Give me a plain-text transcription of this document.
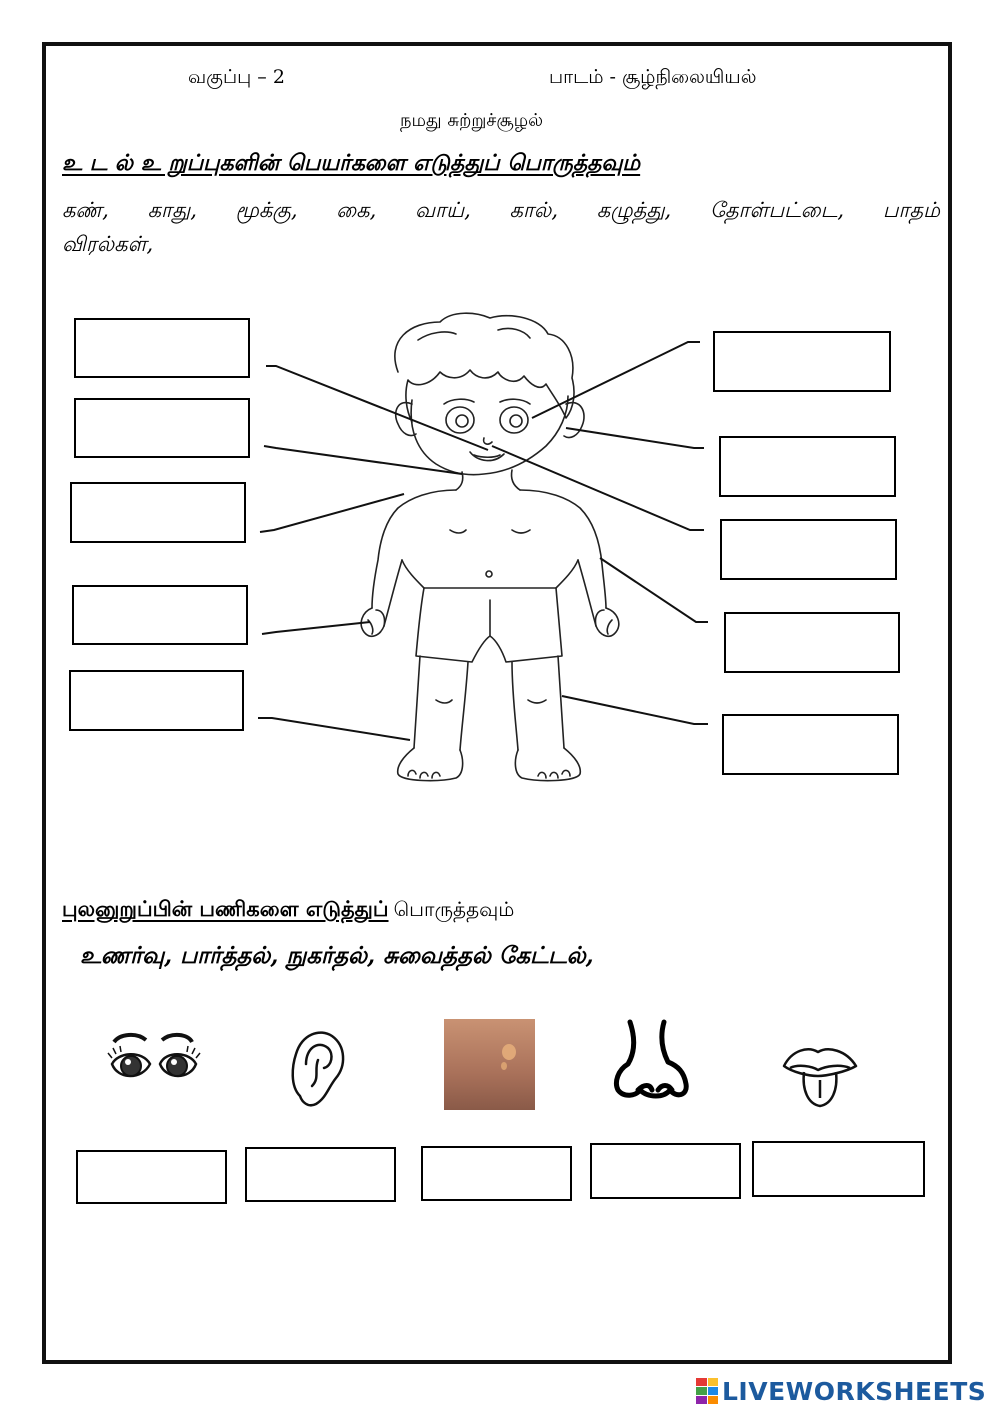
வகுப்பு – 2	பாடம் - சூழ்நிலையியல்
நமது சுற்றுச்சூழல்
உ ட ல் உ றுப்புகளின் பெயர்களை எடுத்துப் பொருத்தவும்
கண், காது, மூக்கு, கை, வாய், கால், கழுத்து, தோள்பட்டை, பாதம்
விரல்கள்,
புலனுறுப்பின் பணிகளை எடுத்துப் பொருத்தவும்
உணர்வு, பார்த்தல், நுகர்தல், சுவைத்தல் கேட்டல்,
LIVEWORKSHEETS
